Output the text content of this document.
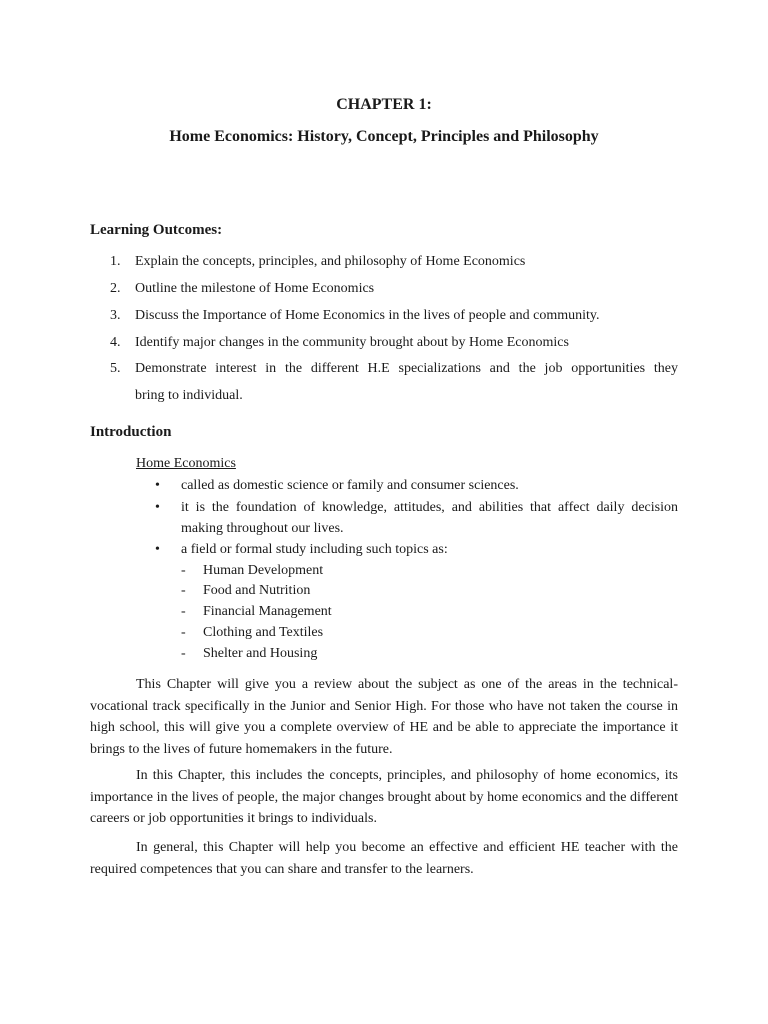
CHAPTER 1:
Home Economics: History, Concept, Principles and Philosophy
Learning Outcomes:
1.	Explain the concepts, principles, and philosophy of Home Economics
2.	Outline the milestone of Home Economics
3.	Discuss the Importance of Home Economics in the lives of people and community.
4.	Identify major changes in the community brought about by Home Economics
5.	Demonstrate interest in the different H.E specializations and the job opportunities they
bring to individual.
Introduction
Home Economics
• called as domestic science or family and consumer sciences.
• it is the foundation of knowledge, attitudes, and abilities that affect daily decision making throughout our lives.
• a field or formal study including such topics as:
- Human Development
- Food and Nutrition
- Financial Management
- Clothing and Textiles
- Shelter and Housing
This Chapter will give you a review about the subject as one of the areas in the technical-vocational track specifically in the Junior and Senior High. For those who have not taken the course in high school, this will give you a complete overview of HE and be able to appreciate the importance it brings to the lives of future homemakers in the future.
In this Chapter, this includes the concepts, principles, and philosophy of home economics, its importance in the lives of people, the major changes brought about by home economics and the different careers or job opportunities it brings to individuals.
In general, this Chapter will help you become an effective and efficient HE teacher with the required competences that you can share and transfer to the learners.
